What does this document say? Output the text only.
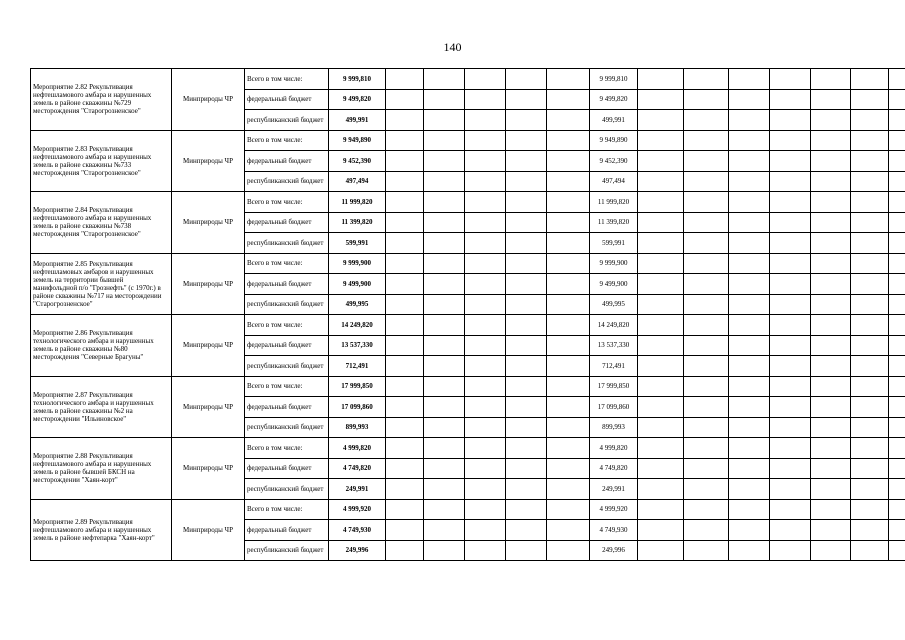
140
Мероприятие 2.82 Рекультивация нефтешламового амбара и нарушенных земель в районе скважины №729 месторождения "Старогрозненское"	Минприроды ЧР	Всего в том числе:	9 999,810						9 999,810							
		федеральный бюджет	9 499,820						9 499,820							
		республиканский бюджет	499,991						499,991							
Мероприятие 2.83 Рекультивация нефтешламового амбара и нарушенных земель в районе скважины №733 месторождения "Старогрозненское"	Минприроды ЧР	Всего в том числе:	9 949,890						9 949,890							
		федеральный бюджет	9 452,390						9 452,390							
		республиканский бюджет	497,494						497,494							
Мероприятие 2.84 Рекультивация нефтешламового амбара и нарушенных земель в районе скважины №738 месторождения "Старогрозненское"	Минприроды ЧР	Всего в том числе:	11 999,820						11 999,820							
		федеральный бюджет	11 399,820						11 399,820							
		республиканский бюджет	599,991						599,991							
Мероприятие 2.85 Рекультивация нефтешламовых амбаров и нарушенных земель на территории бывшей манифольдной п/о "Грознефть" (с 1970г.) в районе скважины №717 на месторождении "Старогрозненское"	Минприроды ЧР	Всего в том числе:	9 999,900						9 999,900							
		федеральный бюджет	9 499,900						9 499,900							
		республиканский бюджет	499,995						499,995							
Мероприятие 2.86 Рекультивация технологического амбара и нарушенных земель в районе скважины №80 месторождения "Северные Брагуны"	Минприроды ЧР	Всего в том числе:	14 249,820						14 249,820							
		федеральный бюджет	13 537,330						13 537,330							
		республиканский бюджет	712,491						712,491							
Мероприятие 2.87 Рекультивация технологического амбара и нарушенных земель в районе скважины №2 на месторождении "Ильиновское"	Минприроды ЧР	Всего в том числе:	17 999,850						17 999,850							
		федеральный бюджет	17 099,860						17 099,860							
		республиканский бюджет	899,993						899,993							
Мероприятие 2.88 Рекультивация нефтешламового амбара и нарушенных земель в районе бывшей БКСН на месторождении "Хаян-корт"	Минприроды ЧР	Всего в том числе:	4 999,820						4 999,820							
		федеральный бюджет	4 749,820						4 749,820							
		республиканский бюджет	249,991						249,991							
Мероприятие 2.89 Рекультивация нефтешламового амбара и нарушенных земель в районе нефтепарка "Хаян-корт"	Минприроды ЧР	Всего в том числе:	4 999,920						4 999,920							
		федеральный бюджет	4 749,930						4 749,930							
		республиканский бюджет	249,996						249,996							
